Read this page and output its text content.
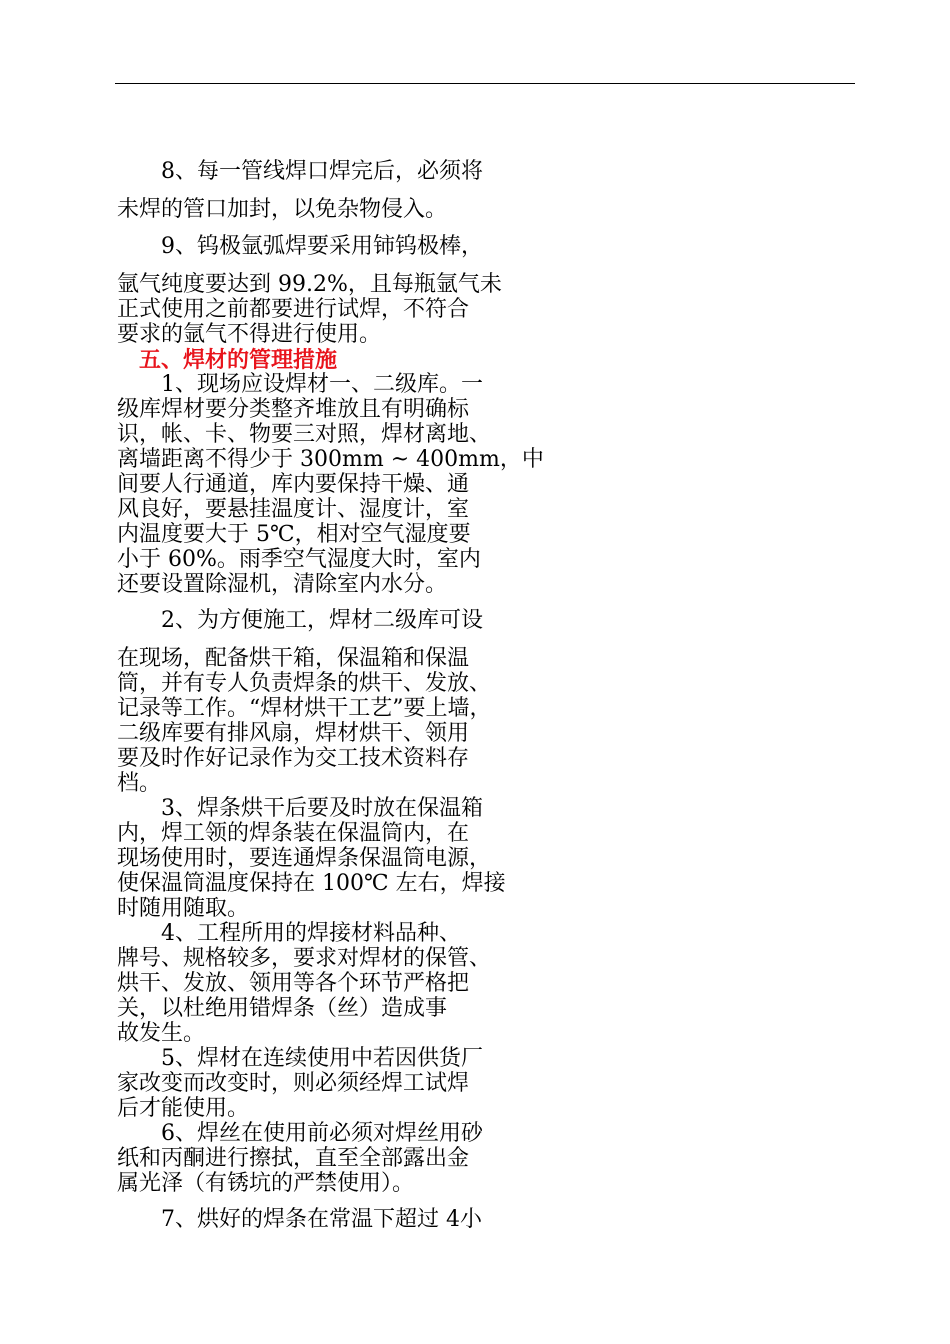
　　8、每一管线焊口焊完后，必须将
未焊的管口加封，以免杂物侵入。
　　9、钨极氩弧焊要采用铈钨极棒，
氩气纯度要达到 99.2%，且每瓶氩气未
正式使用之前都要进行试焊，不符合
要求的氩气不得进行使用。
　五、焊材的管理措施
　　1、现场应设焊材一、二级库。一
级库焊材要分类整齐堆放且有明确标
识，帐、卡、物要三对照，焊材离地、
离墙距离不得少于 300mm ~ 400mm，中
间要人行通道，库内要保持干燥、通
风良好，要悬挂温度计、湿度计，室
内温度要大于 5℃，相对空气湿度要
小于 60%。雨季空气湿度大时，室内
还要设置除湿机，清除室内水分。
　　2、为方便施工，焊材二级库可设
在现场，配备烘干箱，保温箱和保温
筒，并有专人负责焊条的烘干、发放、
记录等工作。“焊材烘干工艺”要上墙，
二级库要有排风扇，焊材烘干、领用
要及时作好记录作为交工技术资料存
档。
　　3、焊条烘干后要及时放在保温箱
内，焊工领的焊条装在保温筒内，在
现场使用时，要连通焊条保温筒电源，
使保温筒温度保持在 100℃ 左右，焊接
时随用随取。
　　4、工程所用的焊接材料品种、
牌号、规格较多，要求对焊材的保管、
烘干、发放、领用等各个环节严格把
关，以杜绝用错焊条（丝）造成事
故发生。
　　5、焊材在连续使用中若因供货厂
家改变而改变时，则必须经焊工试焊
后才能使用。
　　6、焊丝在使用前必须对焊丝用砂
纸和丙酮进行擦拭，直至全部露出金
属光泽（有锈坑的严禁使用）。
　　7、烘好的焊条在常温下超过 4小
